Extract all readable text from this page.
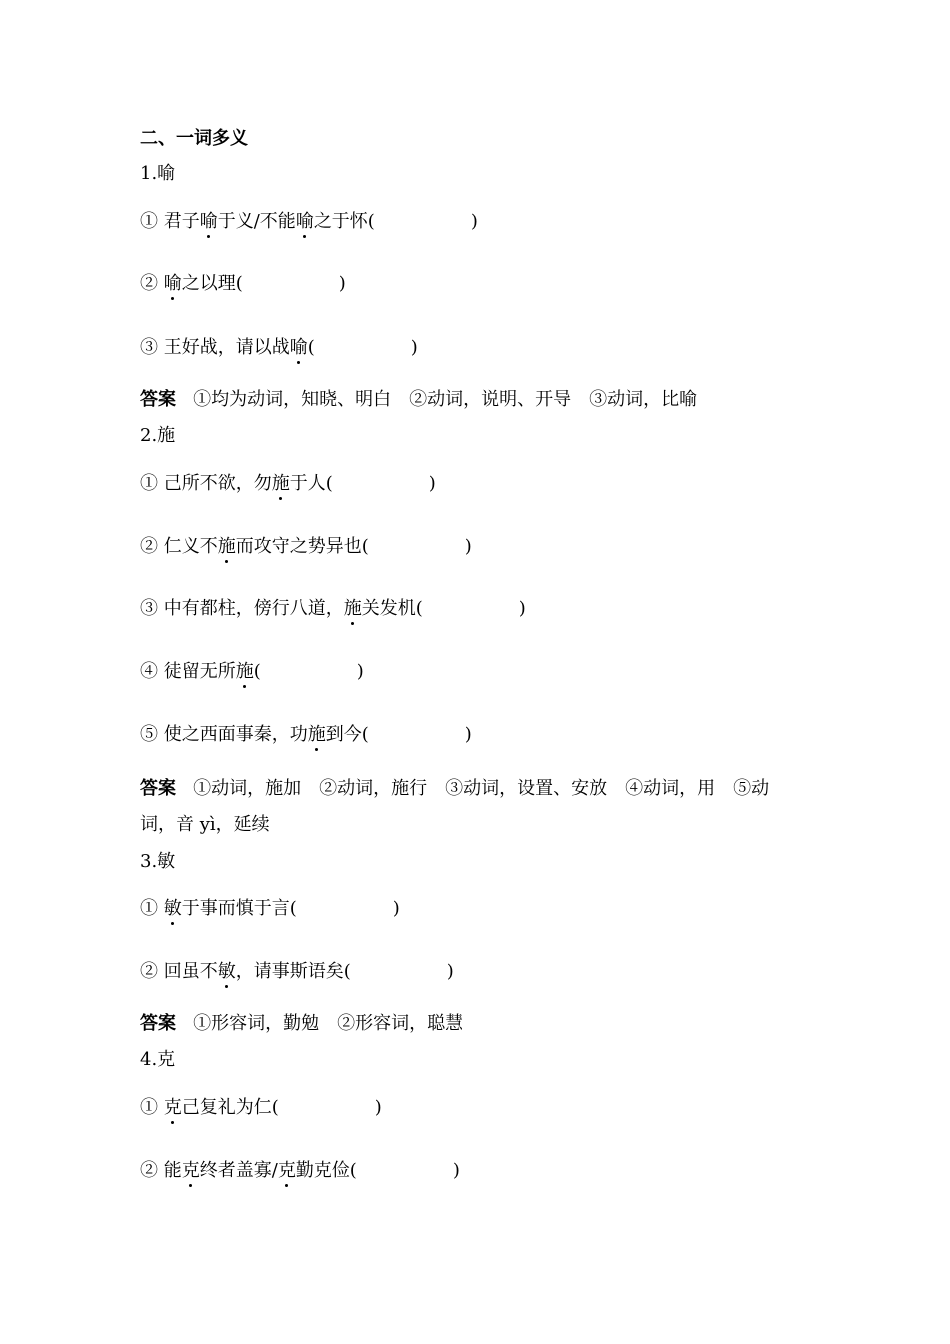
二、一词多义
1.喻
① 君子喻于义/不能喻之于怀(	)
② 喻之以理(	)
③ 王好战，请以战喻(	)
答案 ①均为动词，知晓、明白　②动词，说明、开导　③动词，比喻
2.施
① 己所不欲，勿施于人(	)
② 仁义不施而攻守之势异也(	)
③ 中有都柱，傍行八道，施关发机(	)
④ 徒留无所施(	)
⑤ 使之西面事秦，功施到今(	)
答案 ①动词，施加　②动词，施行　③动词，设置、安放　④动词，用　⑤动
词，音 yì，延续
3.敏
① 敏于事而慎于言(	)
② 回虽不敏，请事斯语矣(	)
答案 ①形容词，勤勉　②形容词，聪慧
4.克
① 克己复礼为仁(	)
② 能克终者盖寡/克勤克俭(	)
